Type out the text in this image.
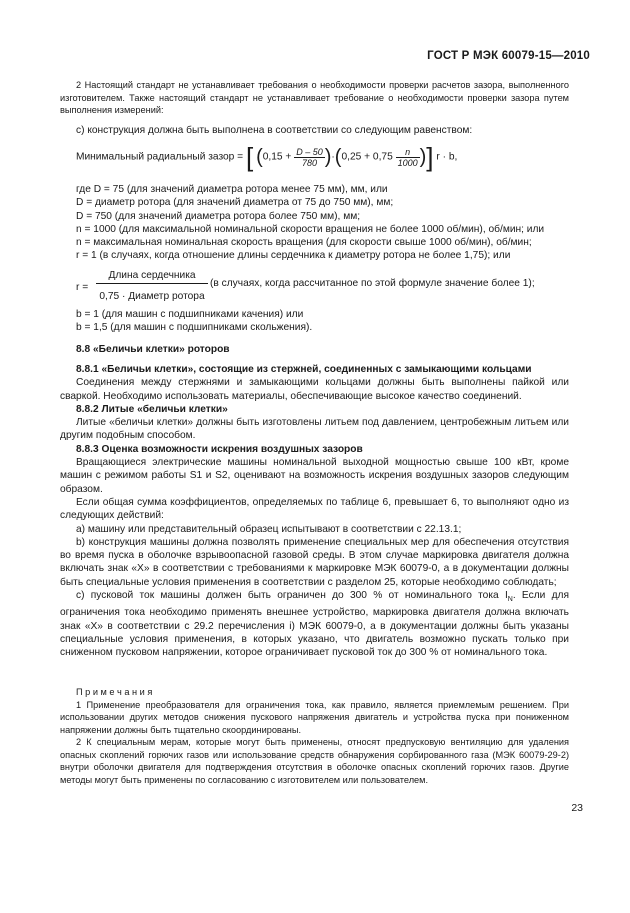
ГОСТ Р МЭК 60079-15—2010
2 Настоящий стандарт не устанавливает требования о необходимости проверки расчетов зазора, выполненного изготовителем. Также настоящий стандарт не устанавливает требование о необходимости проверки зазора путем выполнения измерений:
c) конструкция должна быть выполнена в соответствии со следующим равенством:
Минимальный радиальный зазор = [ $(0,15 + \frac{D - 50}{780} )\cdot(0,25 + 0,75 \frac{n}{1000}$ )] r · b,

где D = 75 (для значений диаметра ротора менее 75 мм), мм, или

D = диаметр ротора (для значений диаметра от 75 до 750 мм), мм;

D = 750 (для значений диаметра ротора более 750 мм), мм;

n = 1000 (для максимальной номинальной скорости вращения не более 1000 об/мин), об/мин; или

n = максимальная номинальная скорость вращения (для скорости свыше 1000 об/мин), об/мин;

r = 1 (в случаях, когда отношение длины сердечника к диаметру ротора не более 1,75); или

r =
Длина сердечника
0,75 · Диаметр ротора
(в случаях, когда рассчитанное по этой формуле значение более 1);

b = 1 (для машин с подшипниками качения) или

b = 1,5 (для машин с подшипниками скольжения).

8.8 «Беличьи клетки» роторов

8.8.1 «Беличьи клетки», состоящие из стержней, соединенных с замыкающими кольцами

Соединения между стержнями и замыкающими кольцами должны быть выполнены пайкой или сваркой. Необходимо использовать материалы, обеспечивающие высокое качество соединений.

8.8.2 Литые «беличьи клетки»

Литые «беличьи клетки» должны быть изготовлены литьем под давлением, центробежным литьем или другим подобным способом.

8.8.3 Оценка возможности искрения воздушных зазоров

Вращающиеся электрические машины номинальной выходной мощностью свыше 100 кВт, кроме машин с режимом работы S1 и S2, оценивают на возможность искрения воздушных зазоров следующим образом.

Если общая сумма коэффициентов, определяемых по таблице 6, превышает 6, то выполняют одно из следующих действий:

a) машину или представительный образец испытывают в соответствии с 22.13.1;

b) конструкция машины должна позволять применение специальных мер для обеспечения отсутствия во время пуска в оболочке взрывоопасной газовой среды. В этом случае маркировка двигателя должна включать знак «X» в соответствии с требованиями к маркировке МЭК 60079-0, а в документации должны быть специальные условия применения в соответствии с разделом 25, которые необходимо соблюдать;

c) пусковой ток машины должен быть ограничен до 300 % от номинального тока $I_N$. Если для ограничения тока необходимо применять внешнее устройство, маркировка двигателя должна включать знак «X» в соответствии с 29.2 перечисления i) МЭК 60079-0, а в документации должны быть указаны специальные условия применения, в которых указано, что двигатель возможно пускать только при сниженном пусковом напряжении, которое ограничивает пусковой ток до 300 % от номинального тока.

П р и м е ч а н и я

1 Применение преобразователя для ограничения тока, как правило, является приемлемым решением. При использовании других методов снижения пускового напряжения двигатель и устройства пуска при пониженном напряжении должны быть тщательно скоординированы.

2 К специальным мерам, которые могут быть применены, относят предпусковую вентиляцию для удаления опасных скоплений горючих газов или использование средств обнаружения сорбированного газа (МЭК 60079-29-2) внутри оболочки двигателя для подтверждения отсутствия в оболочке опасных скоплений горючих газов. Другие методы могут быть применены по согласованию с изготовителем или пользователем.

23
